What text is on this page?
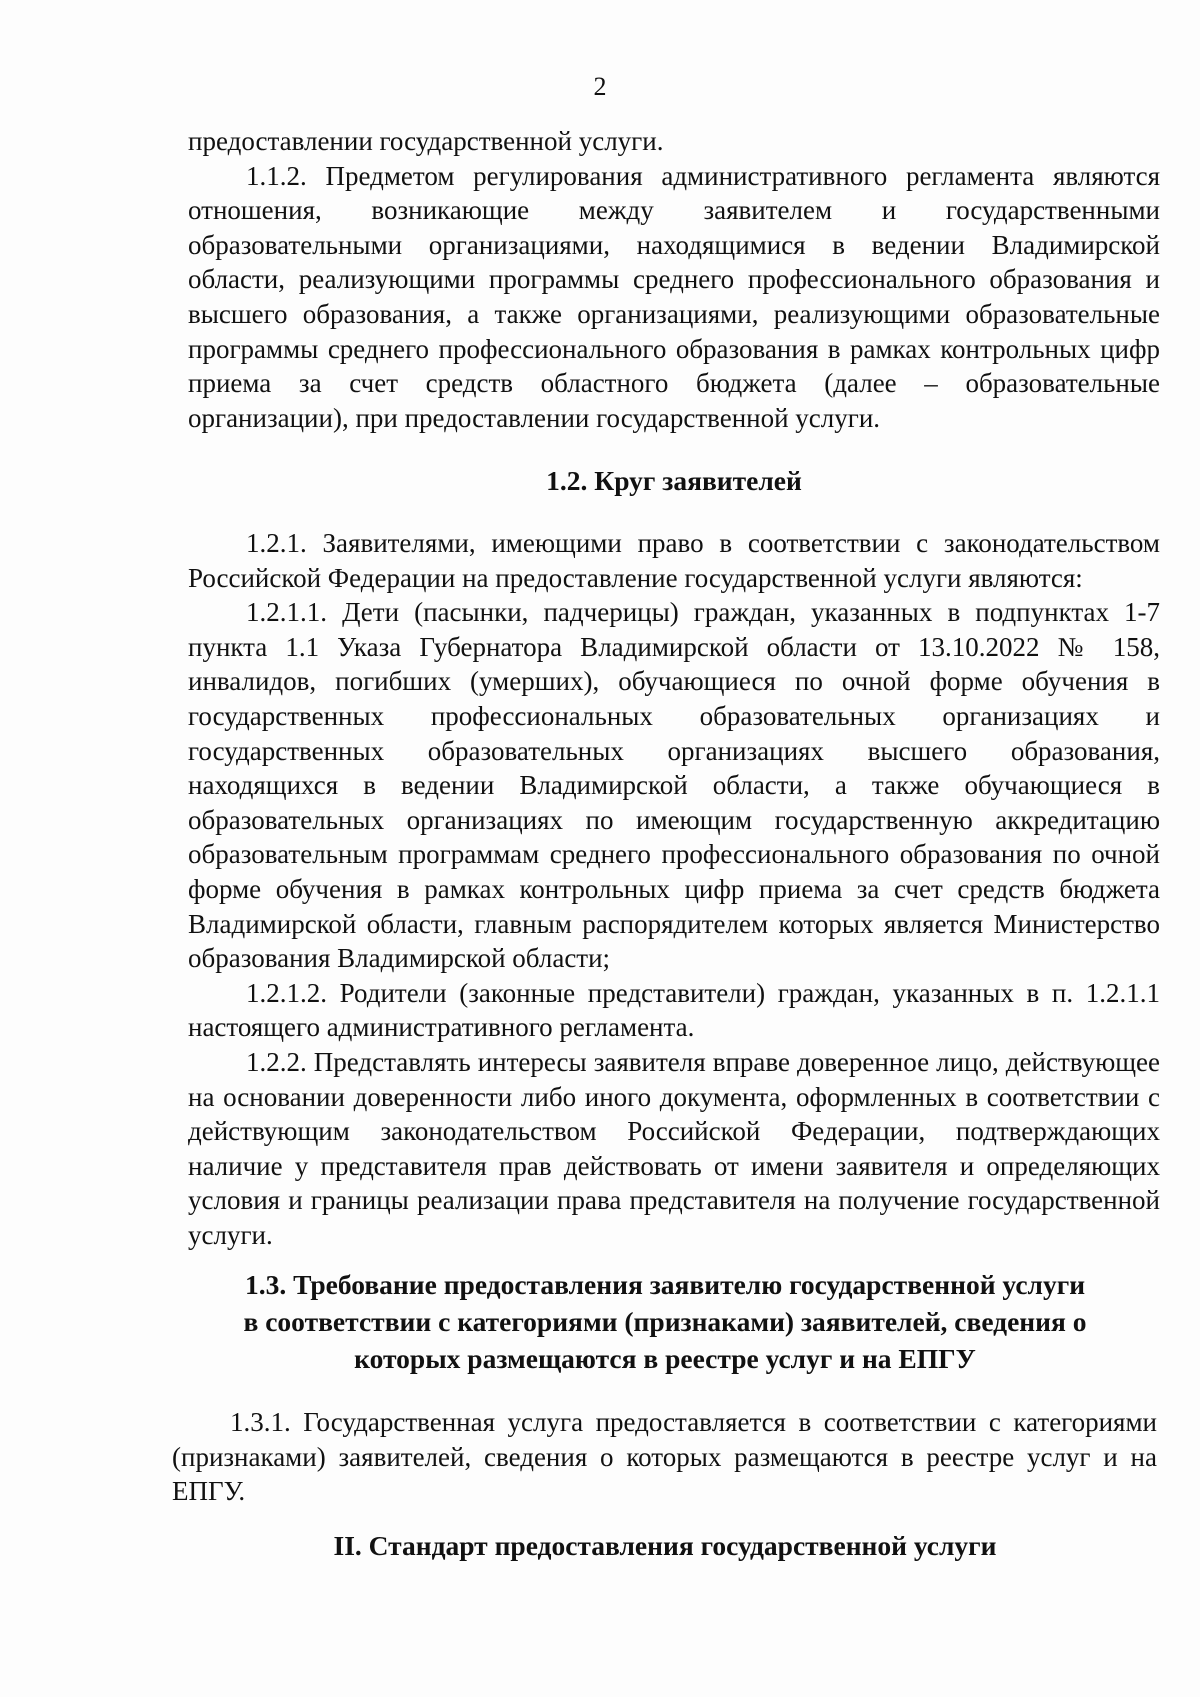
2

предоставлении государственной услуги.

1.1.2. Предметом регулирования административного регламента являются отношения, возникающие между заявителем и государственными образовательными организациями, находящимися в ведении Владимирской области, реализующими программы среднего профессионального образования и высшего образования, а также организациями, реализующими образовательные программы среднего профессионального образования в рамках контрольных цифр приема за счет средств областного бюджета (далее – образовательные организации), при предоставлении государственной услуги.

1.2. Круг заявителей

1.2.1. Заявителями, имеющими право в соответствии с законодательством Российской Федерации на предоставление государственной услуги являются:

1.2.1.1. Дети (пасынки, падчерицы) граждан, указанных в подпунктах 1-7 пункта 1.1 Указа Губернатора Владимирской области от 13.10.2022 № 158, инвалидов, погибших (умерших), обучающиеся по очной форме обучения в государственных профессиональных образовательных организациях и государственных образовательных организациях высшего образования, находящихся в ведении Владимирской области, а также обучающиеся в образовательных организациях по имеющим государственную аккредитацию образовательным программам среднего профессионального образования по очной форме обучения в рамках контрольных цифр приема за счет средств бюджета Владимирской области, главным распорядителем которых является Министерство образования Владимирской области;

1.2.1.2. Родители (законные представители) граждан, указанных в п. 1.2.1.1 настоящего административного регламента.

1.2.2. Представлять интересы заявителя вправе доверенное лицо, действующее на основании доверенности либо иного документа, оформленных в соответствии с действующим законодательством Российской Федерации, подтверждающих наличие у представителя прав действовать от имени заявителя и определяющих условия и границы реализации права представителя на получение государственной услуги.

1.3. Требование предоставления заявителю государственной услуги
в соответствии с категориями (признаками) заявителей, сведения о
которых размещаются в реестре услуг и на ЕПГУ

1.3.1. Государственная услуга предоставляется в соответствии с категориями (признаками) заявителей, сведения о которых размещаются в реестре услуг и на ЕПГУ.

II. Стандарт предоставления государственной услуги
